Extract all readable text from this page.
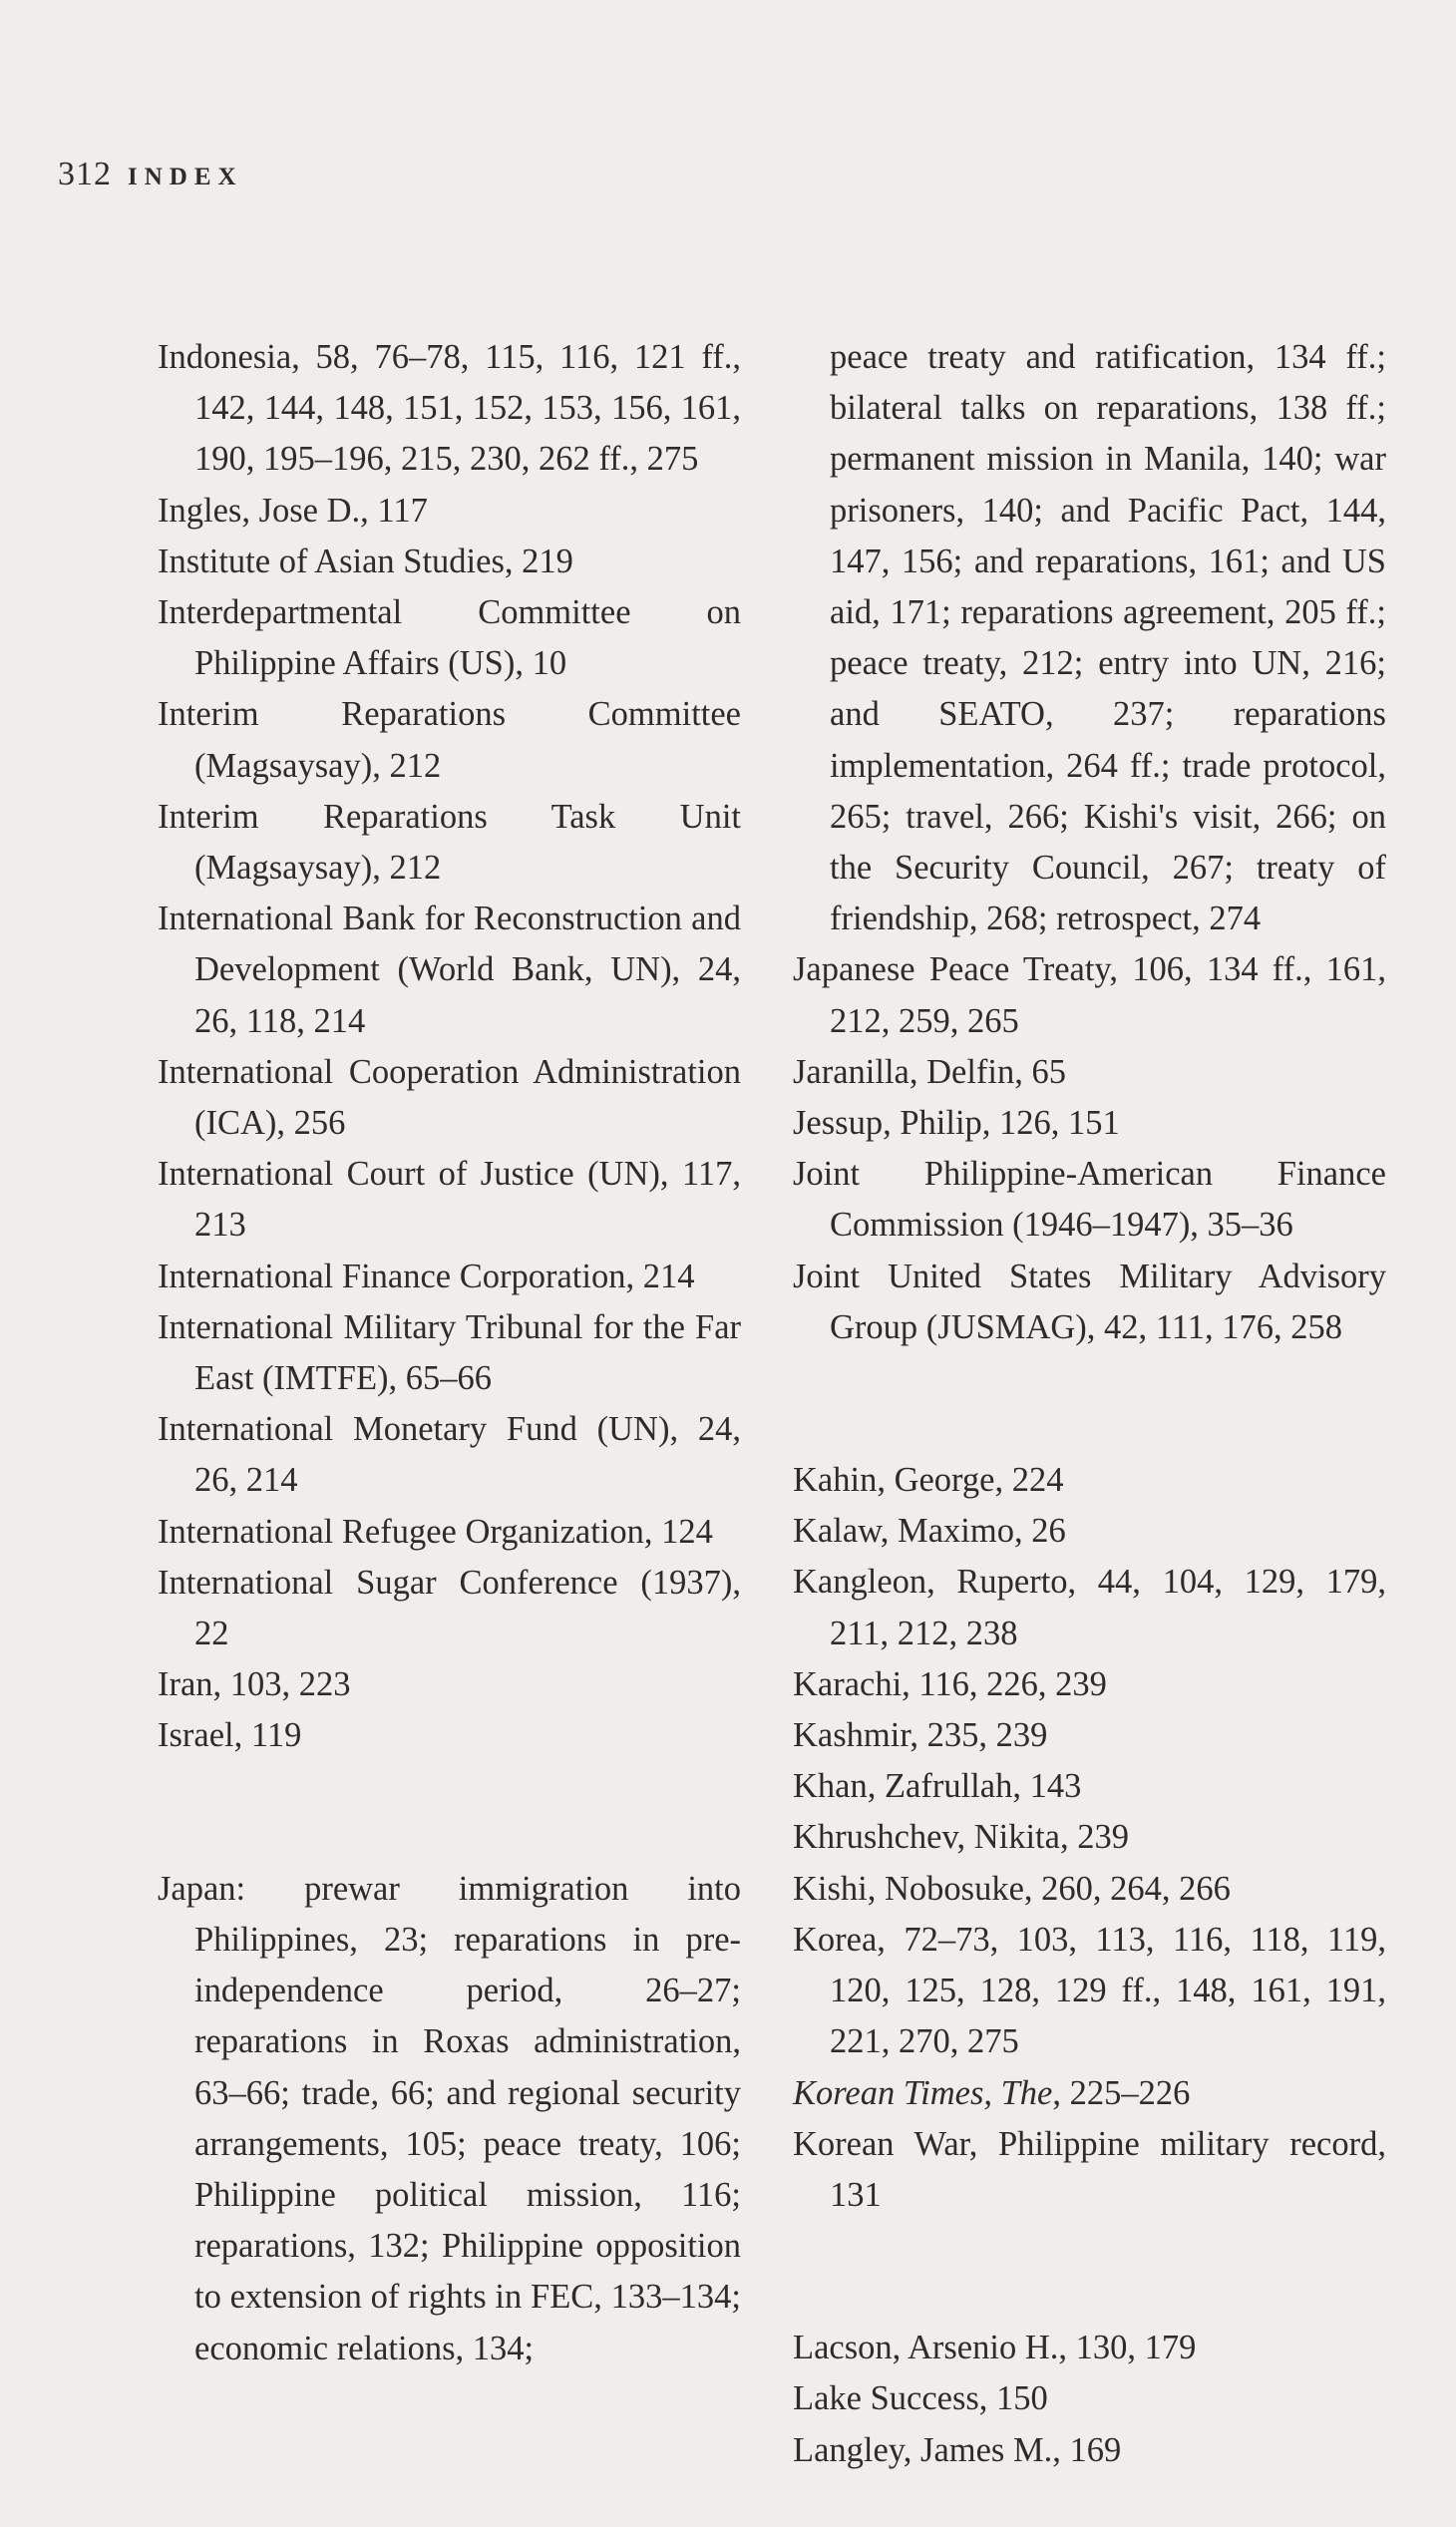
312 INDEX

Indonesia, 58, 76–78, 115, 116, 121 ff., 142, 144, 148, 151, 152, 153, 156, 161, 190, 195–196, 215, 230, 262 ff., 275

Ingles, Jose D., 117

Institute of Asian Studies, 219

Interdepartmental Committee on Philippine Affairs (US), 10

Interim Reparations Committee (Magsaysay), 212

Interim Reparations Task Unit (Magsaysay), 212

International Bank for Reconstruction and Development (World Bank, UN), 24, 26, 118, 214

International Cooperation Administration (ICA), 256

International Court of Justice (UN), 117, 213

International Finance Corporation, 214

International Military Tribunal for the Far East (IMTFE), 65–66

International Monetary Fund (UN), 24, 26, 214

International Refugee Organization, 124

International Sugar Conference (1937), 22

Iran, 103, 223

Israel, 119

Japan: prewar immigration into Philippines, 23; reparations in pre-independence period, 26–27; reparations in Roxas administration, 63–66; trade, 66; and regional security arrangements, 105; peace treaty, 106; Philippine political mission, 116; reparations, 132; Philippine opposition to extension of rights in FEC, 133–134; economic relations, 134;

peace treaty and ratification, 134 ff.; bilateral talks on reparations, 138 ff.; permanent mission in Manila, 140; war prisoners, 140; and Pacific Pact, 144, 147, 156; and reparations, 161; and US aid, 171; reparations agreement, 205 ff.; peace treaty, 212; entry into UN, 216; and SEATO, 237; reparations implementation, 264 ff.; trade protocol, 265; travel, 266; Kishi's visit, 266; on the Security Council, 267; treaty of friendship, 268; retrospect, 274

Japanese Peace Treaty, 106, 134 ff., 161, 212, 259, 265

Jaranilla, Delfin, 65

Jessup, Philip, 126, 151

Joint Philippine-American Finance Commission (1946–1947), 35–36

Joint United States Military Advisory Group (JUSMAG), 42, 111, 176, 258

Kahin, George, 224

Kalaw, Maximo, 26

Kangleon, Ruperto, 44, 104, 129, 179, 211, 212, 238

Karachi, 116, 226, 239

Kashmir, 235, 239

Khan, Zafrullah, 143

Khrushchev, Nikita, 239

Kishi, Nobosuke, 260, 264, 266

Korea, 72–73, 103, 113, 116, 118, 119, 120, 125, 128, 129 ff., 148, 161, 191, 221, 270, 275

Korean Times, The, 225–226

Korean War, Philippine military record, 131

Lacson, Arsenio H., 130, 179

Lake Success, 150

Langley, James M., 169
